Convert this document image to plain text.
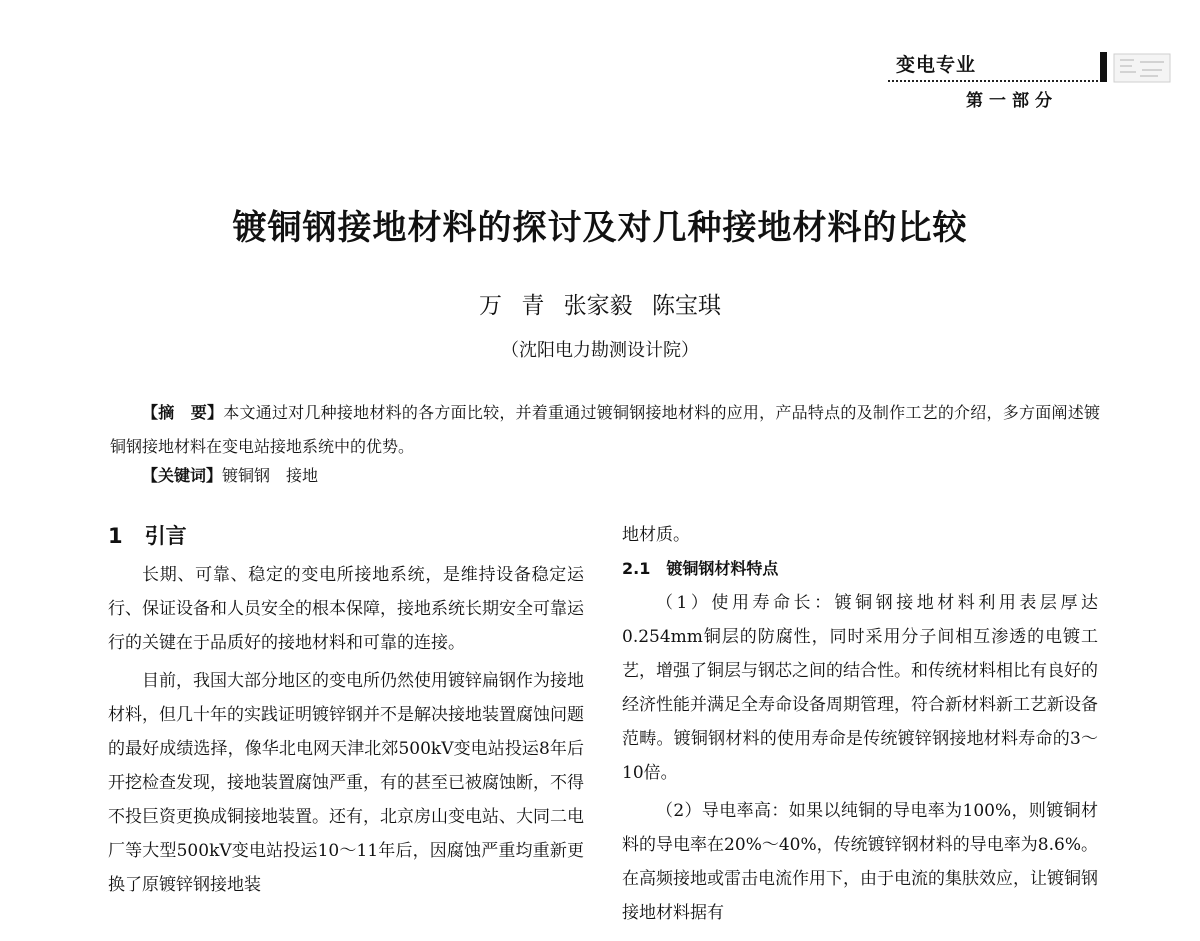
变电专业
第一部分
镀铜钢接地材料的探讨及对几种接地材料的比较
万 青 张家毅 陈宝琪
（沈阳电力勘测设计院）

【摘　要】本文通过对几种接地材料的各方面比较，并着重通过镀铜钢接地材料的应用，产品特点的及制作工艺的介绍，多方面阐述镀铜钢接地材料在变电站接地系统中的优势。

【关键词】镀铜钢 接地

1 引言

长期、可靠、稳定的变电所接地系统，是维持设备稳定运行、保证设备和人员安全的根本保障，接地系统长期安全可靠运行的关键在于品质好的接地材料和可靠的连接。

目前，我国大部分地区的变电所仍然使用镀锌扁钢作为接地材料，但几十年的实践证明镀锌钢并不是解决接地装置腐蚀问题的最好成绩选择，像华北电网天津北郊500kV变电站投运8年后开挖检查发现，接地装置腐蚀严重，有的甚至已被腐蚀断，不得不投巨资更换成铜接地装置。还有，北京房山变电站、大同二电厂等大型500kV变电站投运10～11年后，因腐蚀严重均重新更换了原镀锌钢接地装

地材质。

2.1 镀铜钢材料特点

（1）使用寿命长：镀铜钢接地材料利用表层厚达0.254mm铜层的防腐性，同时采用分子间相互渗透的电镀工艺，增强了铜层与钢芯之间的结合性。和传统材料相比有良好的经济性能并满足全寿命设备周期管理，符合新材料新工艺新设备范畴。镀铜钢材料的使用寿命是传统镀锌钢接地材料寿命的3～10倍。

（2）导电率高：如果以纯铜的导电率为100%，则镀铜材料的导电率在20%～40%，传统镀锌钢材料的导电率为8.6%。在高频接地或雷击电流作用下，由于电流的集肤效应，让镀铜钢接地材料据有
